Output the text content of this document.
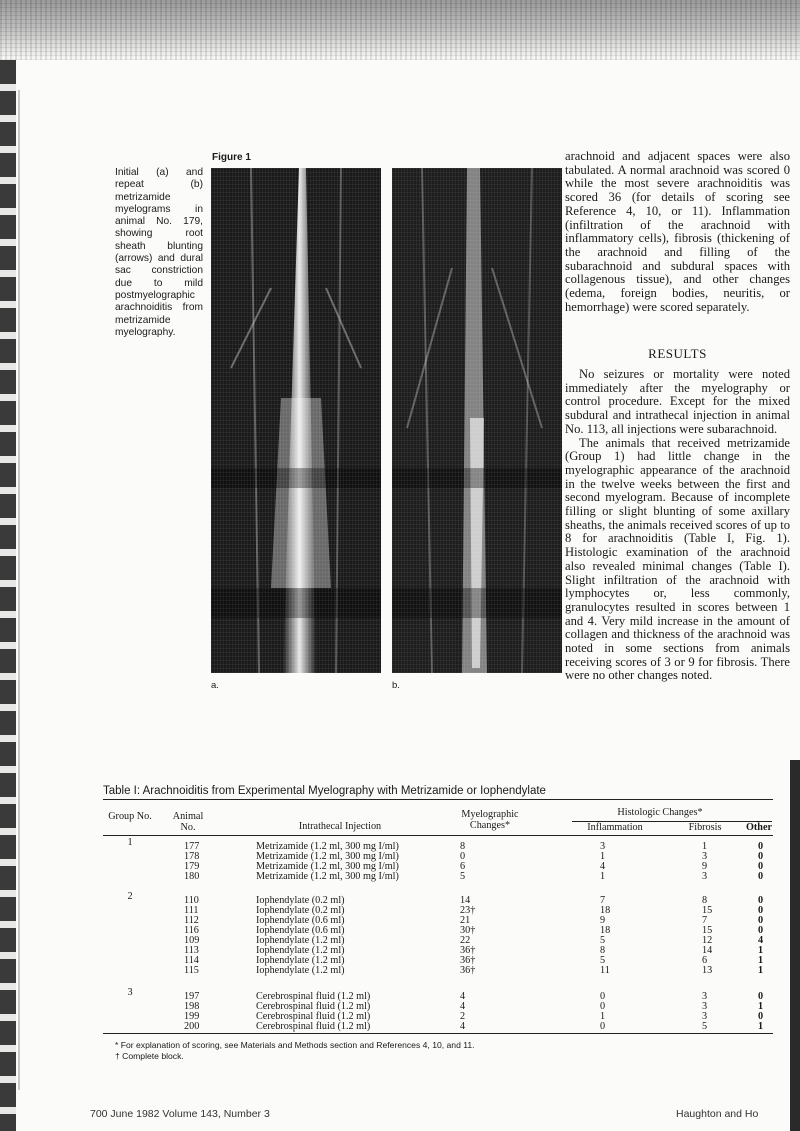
Figure 1
Initial (a) and repeat (b) metrizamide myelograms in animal No. 179, showing root sheath blunting (arrows) and dural sac constriction due to mild postmyelographic arachnoiditis from metrizamide myelography.
a.	b.

arachnoid and adjacent spaces were also tabulated. A normal arachnoid was scored 0 while the most severe arachnoiditis was scored 36 (for details of scoring see Reference 4, 10, or 11). Inflammation (infiltration of the arachnoid with inflammatory cells), fibrosis (thickening of the arachnoid and filling of the subarachnoid and subdural spaces with collagenous tissue), and other changes (edema, foreign bodies, neuritis, or hemorrhage) were scored separately.

RESULTS

No seizures or mortality were noted immediately after the myelography or control procedure. Except for the mixed subdural and intrathecal injection in animal No. 113, all injections were subarachnoid.

The animals that received metrizamide (Group 1) had little change in the myelographic appearance of the arachnoid in the twelve weeks between the first and second myelogram. Because of incomplete filling or slight blunting of some axillary sheaths, the animals received scores of up to 8 for arachnoiditis (Table I, Fig. 1). Histologic examination of the arachnoid also revealed minimal changes (Table I). Slight infiltration of the arachnoid with lymphocytes or, less commonly, granulocytes resulted in scores between 1 and 4. Very mild increase in the amount of collagen and thickness of the arachnoid was noted in some sections from animals receiving scores of 3 or 9 for fibrosis. There were no other changes noted.

Table I: Arachnoiditis from Experimental Myelography with Metrizamide or Iophendylate
Group No.	Animal No.	Intrathecal Injection
Myelographic Changes*
Histologic Changes*
Inflammation	Fibrosis	Other
1	177	Metrizamide (1.2 ml, 300 mg I/ml)	8	3	1	0
178	Metrizamide (1.2 ml, 300 mg I/ml)	0	1	3	0
179	Metrizamide (1.2 ml, 300 mg I/ml)	6	4	9	0
180	Metrizamide (1.2 ml, 300 mg I/ml)	5	1	3	0
2	110	Iophendylate (0.2 ml)	14	7	8	0
111	Iophendylate (0.2 ml)	23†	18	15	0
112	Iophendylate (0.6 ml)	21	9	7	0
116	Iophendylate (0.6 ml)	30†	18	15	0
109	Iophendylate (1.2 ml)	22	5	12	4
113	Iophendylate (1.2 ml)	36†	8	14	1
114	Iophendylate (1.2 ml)	36†	5	6	1
115	Iophendylate (1.2 ml)	36†	11	13	1
3	197	Cerebrospinal fluid (1.2 ml)	4	0	3	0
198	Cerebrospinal fluid (1.2 ml)	4	0	3	1
199	Cerebrospinal fluid (1.2 ml)	2	1	3	0
200	Cerebrospinal fluid (1.2 ml)	4	0	5	1
* For explanation of scoring, see Materials and Methods section and References 4, 10, and 11.
† Complete block.
700 June 1982 Volume 143, Number 3	Haughton and Ho
